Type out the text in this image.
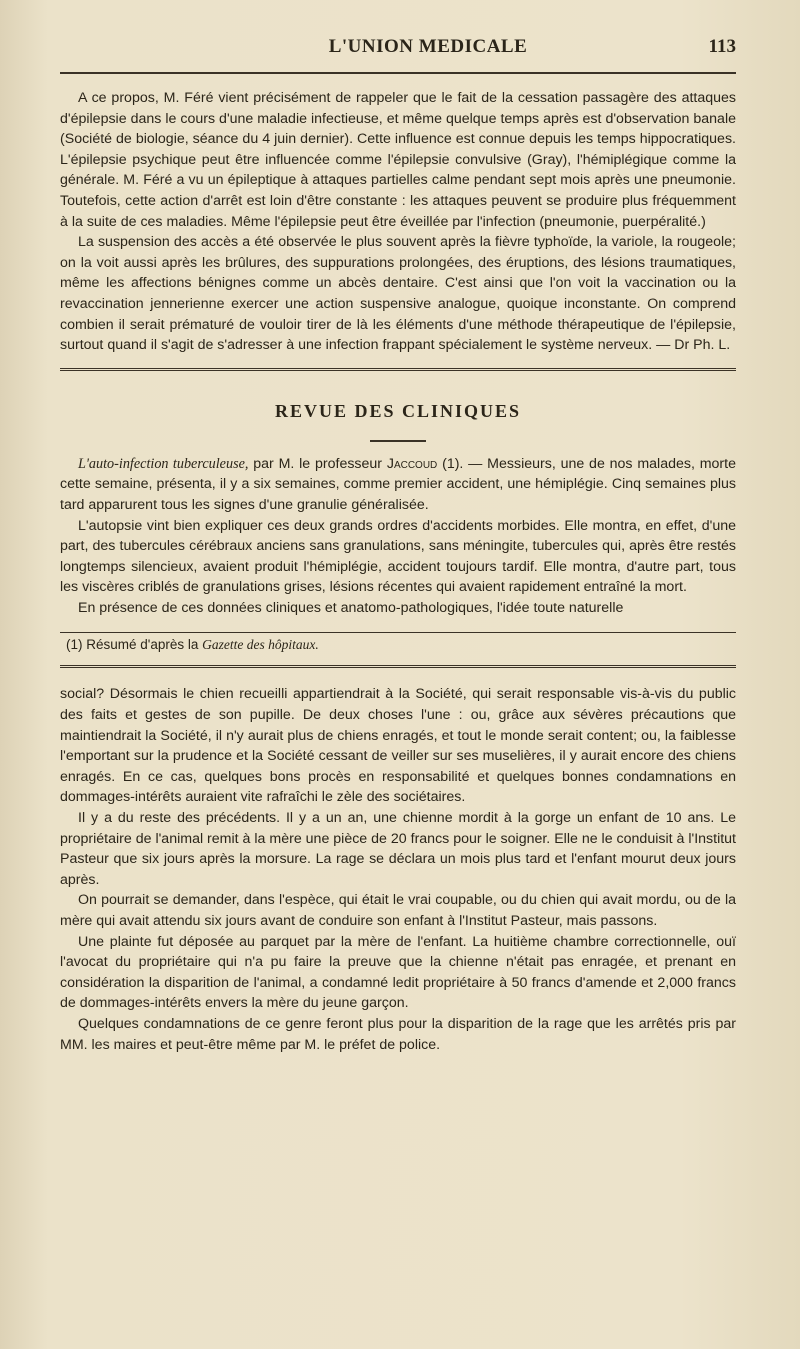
L'UNION MEDICALE	113

A ce propos, M. Féré vient précisément de rappeler que le fait de la cessation passagère des attaques d'épilepsie dans le cours d'une maladie infectieuse, et même quelque temps après est d'observation banale (Société de biologie, séance du 4 juin dernier). Cette influence est connue depuis les temps hippocratiques. L'épilepsie psychique peut être influencée comme l'épilepsie convulsive (Gray), l'hémiplégique comme la générale. M. Féré a vu un épileptique à attaques partielles calme pendant sept mois après une pneumonie. Toutefois, cette action d'arrêt est loin d'être constante : les attaques peuvent se produire plus fréquemment à la suite de ces maladies. Même l'épilepsie peut être éveillée par l'infection (pneumonie, puerpéralité.)

La suspension des accès a été observée le plus souvent après la fièvre typhoïde, la variole, la rougeole; on la voit aussi après les brûlures, des suppurations prolongées, des éruptions, des lésions traumatiques, même les affections bénignes comme un abcès dentaire. C'est ainsi que l'on voit la vaccination ou la revaccination jennerienne exercer une action suspensive analogue, quoique inconstante. On comprend combien il serait prématuré de vouloir tirer de là les éléments d'une méthode thérapeutique de l'épilepsie, surtout quand il s'agit de s'adresser à une infection frappant spécialement le système nerveux. — Dr Ph. L.

REVUE DES CLINIQUES

L'auto-infection tuberculeuse, par M. le professeur Jaccoud (1). — Messieurs, une de nos malades, morte cette semaine, présenta, il y a six semaines, comme premier accident, une hémiplégie. Cinq semaines plus tard apparurent tous les signes d'une granulie généralisée.

L'autopsie vint bien expliquer ces deux grands ordres d'accidents morbides. Elle montra, en effet, d'une part, des tubercules cérébraux anciens sans granulations, sans méningite, tubercules qui, après être restés longtemps silencieux, avaient produit l'hémiplégie, accident toujours tardif. Elle montra, d'autre part, tous les viscères criblés de granulations grises, lésions récentes qui avaient rapidement entraîné la mort.

En présence de ces données cliniques et anatomo-pathologiques, l'idée toute naturelle

(1) Résumé d'après la Gazette des hôpitaux.

social? Désormais le chien recueilli appartiendrait à la Société, qui serait responsable vis-à-vis du public des faits et gestes de son pupille. De deux choses l'une : ou, grâce aux sévères précautions que maintiendrait la Société, il n'y aurait plus de chiens enragés, et tout le monde serait content; ou, la faiblesse l'emportant sur la prudence et la Société cessant de veiller sur ses muselières, il y aurait encore des chiens enragés. En ce cas, quelques bons procès en responsabilité et quelques bonnes condamnations en dommages-intérêts auraient vite rafraîchi le zèle des sociétaires.

Il y a du reste des précédents. Il y a un an, une chienne mordit à la gorge un enfant de 10 ans. Le propriétaire de l'animal remit à la mère une pièce de 20 francs pour le soigner. Elle ne le conduisit à l'Institut Pasteur que six jours après la morsure. La rage se déclara un mois plus tard et l'enfant mourut deux jours après.

On pourrait se demander, dans l'espèce, qui était le vrai coupable, ou du chien qui avait mordu, ou de la mère qui avait attendu six jours avant de conduire son enfant à l'Institut Pasteur, mais passons.

Une plainte fut déposée au parquet par la mère de l'enfant. La huitième chambre correctionnelle, ouï l'avocat du propriétaire qui n'a pu faire la preuve que la chienne n'était pas enragée, et prenant en considération la disparition de l'animal, a condamné ledit propriétaire à 50 francs d'amende et 2,000 francs de dommages-intérêts envers la mère du jeune garçon.

Quelques condamnations de ce genre feront plus pour la disparition de la rage que les arrêtés pris par MM. les maires et peut-être même par M. le préfet de police.
